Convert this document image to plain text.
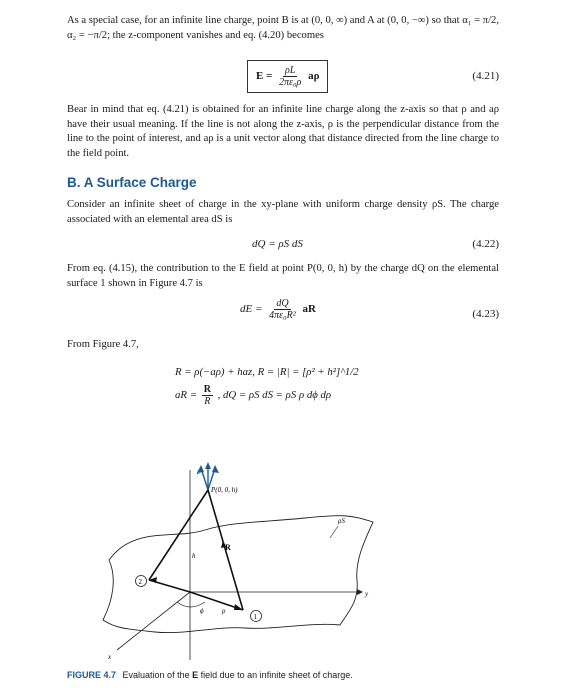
As a special case, for an infinite line charge, point B is at (0, 0, ∞) and A at (0, 0, −∞) so that α₁ = π/2, α₂ = −π/2; the z-component vanishes and eq. (4.20) becomes

$E = \frac{\rho L}{\text{2πε₀ρ}}$ aρ	(4.21)

Bear in mind that eq. (4.21) is obtained for an infinite line charge along the z-axis so that ρ and aρ have their usual meaning. If the line is not along the z-axis, ρ is the perpendicular distance from the line to the point of interest, and aρ is a unit vector along that distance directed from the line charge to the field point.

B. A Surface Charge

Consider an infinite sheet of charge in the xy-plane with uniform charge density ρS. The charge associated with an elemental area dS is

dQ = ρS dS	(4.22)

From eq. (4.15), the contribution to the E field at point P(0, 0, h) by the charge dQ on the elemental surface 1 shown in Figure 4.7 is

dE = $\frac{dQ}{\text{4πε₀R²}}$ aR	(4.23)

From Figure 4.7,

R = ρ(−aρ) + haz, R = |R| = [ρ² + h²]^1/2
aR = $\frac{R}{R}$ , dQ = ρS dS = ρS ρ dϕ dρ
y
x
P(0, 0, h)
R
h
ϕ	ρ
ρS
1
2
FIGURE 4.7 Evaluation of the E field due to an infinite sheet of charge.
